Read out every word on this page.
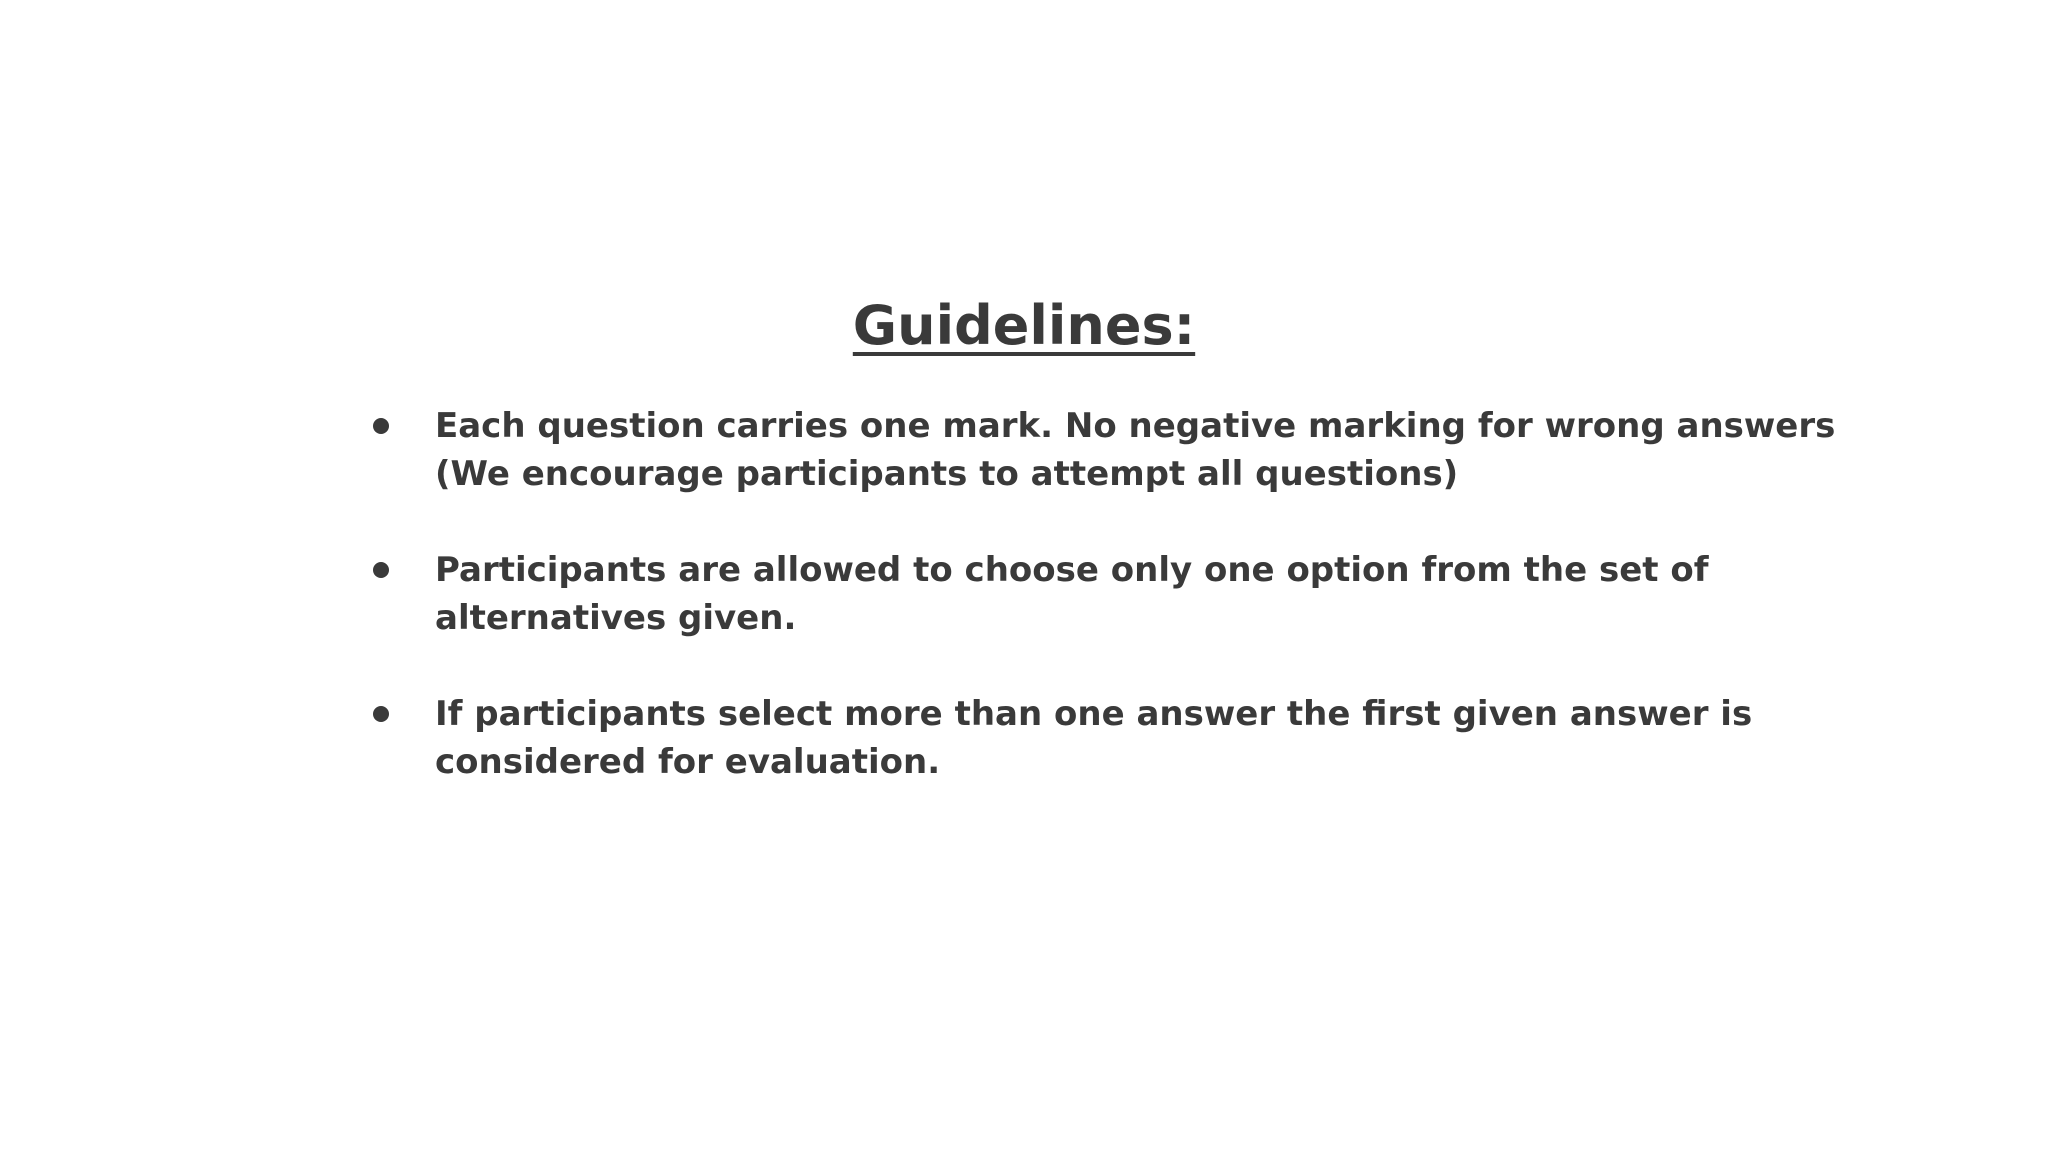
Guidelines:
Each question carries one mark. No negative marking for wrong answers
(We encourage participants to attempt all questions)
Participants are allowed to choose only one option from the set of
alternatives given.
If participants select more than one answer the first given answer is
considered for evaluation.
